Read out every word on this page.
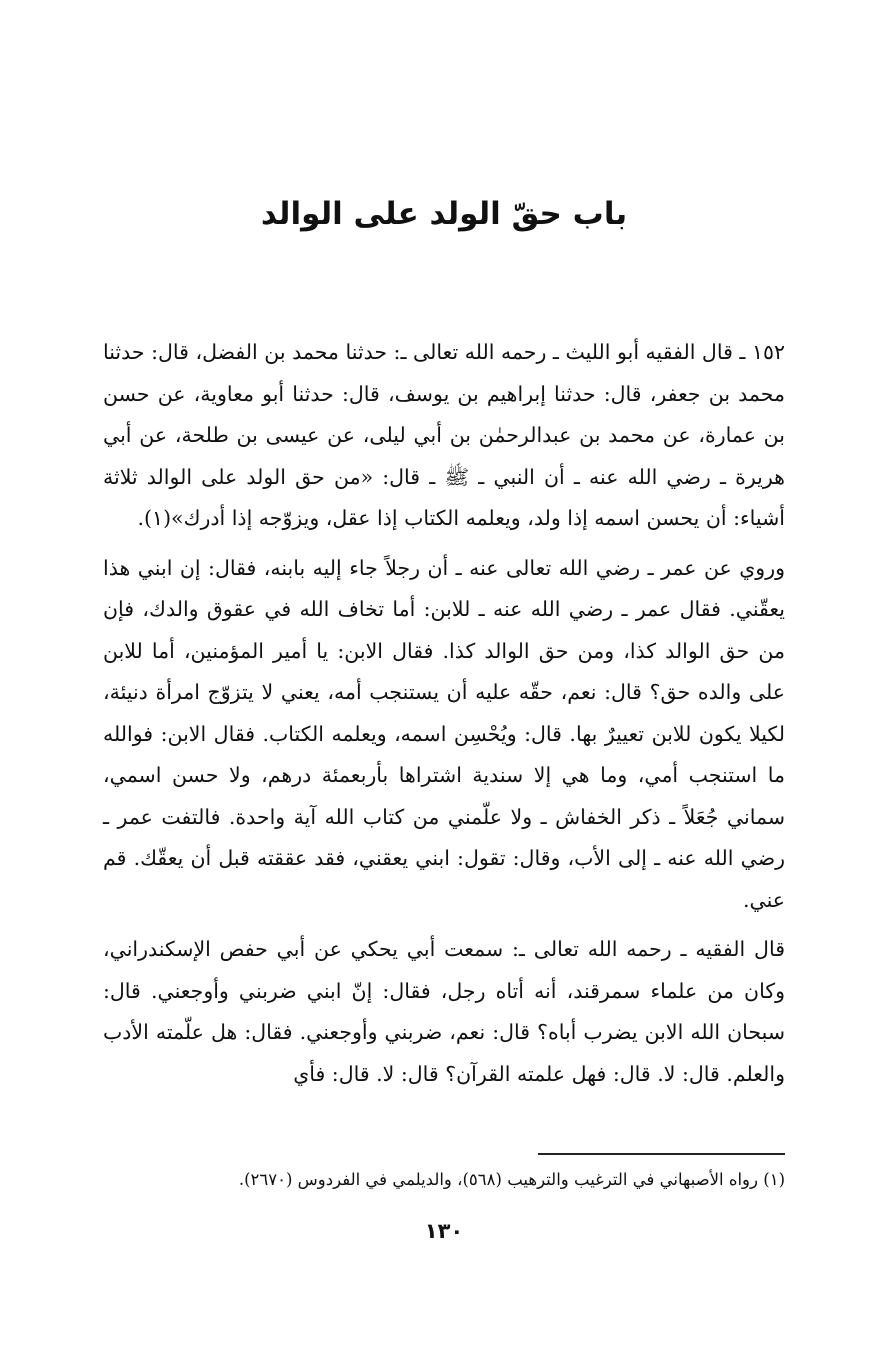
باب حقّ الولد على الوالد

١٥٢ ـ قال الفقيه أبو الليث ـ رحمه الله تعالى ـ: حدثنا محمد بن الفضل، قال: حدثنا محمد بن جعفر، قال: حدثنا إبراهيم بن يوسف، قال: حدثنا أبو معاوية، عن حسن بن عمارة، عن محمد بن عبدالرحمٰن بن أبي ليلى، عن عيسى بن طلحة، عن أبي هريرة ـ رضي الله عنه ـ أن النبي ـ ﷺ ـ قال: «من حق الولد على الوالد ثلاثة أشياء: أن يحسن اسمه إذا ولد، ويعلمه الكتاب إذا عقل، ويزوّجه إذا أدرك»(١).

وروي عن عمر ـ رضي الله تعالى عنه ـ أن رجلاً جاء إليه بابنه، فقال: إن ابني هذا يعقّني. فقال عمر ـ رضي الله عنه ـ للابن: أما تخاف الله في عقوق والدك، فإن من حق الوالد كذا، ومن حق الوالد كذا. فقال الابن: يا أمير المؤمنين، أما للابن على والده حق؟ قال: نعم، حقّه عليه أن يستنجب أمه، يعني لا يتزوّج امرأة دنيئة، لكيلا يكون للابن تعييرٌ بها. قال: ويُحْسِن اسمه، ويعلمه الكتاب. فقال الابن: فوالله ما استنجب أمي، وما هي إلا سندية اشتراها بأربعمئة درهم، ولا حسن اسمي، سماني جُعَلاً ـ ذكر الخفاش ـ ولا علّمني من كتاب الله آية واحدة. فالتفت عمر ـ رضي الله عنه ـ إلى الأب، وقال: تقول: ابني يعقني، فقد عققته قبل أن يعقّك. قم عني.

قال الفقيه ـ رحمه الله تعالى ـ: سمعت أبي يحكي عن أبي حفص الإسكندراني، وكان من علماء سمرقند، أنه أتاه رجل، فقال: إنّ ابني ضربني وأوجعني. قال: سبحان الله الابن يضرب أباه؟ قال: نعم، ضربني وأوجعني. فقال: هل علّمته الأدب والعلم. قال: لا. قال: فهل علمته القرآن؟ قال: لا. قال: فأي

(١) رواه الأصبهاني في الترغيب والترهيب (٥٦٨)، والديلمي في الفردوس (٢٦٧٠).

١٣٠
